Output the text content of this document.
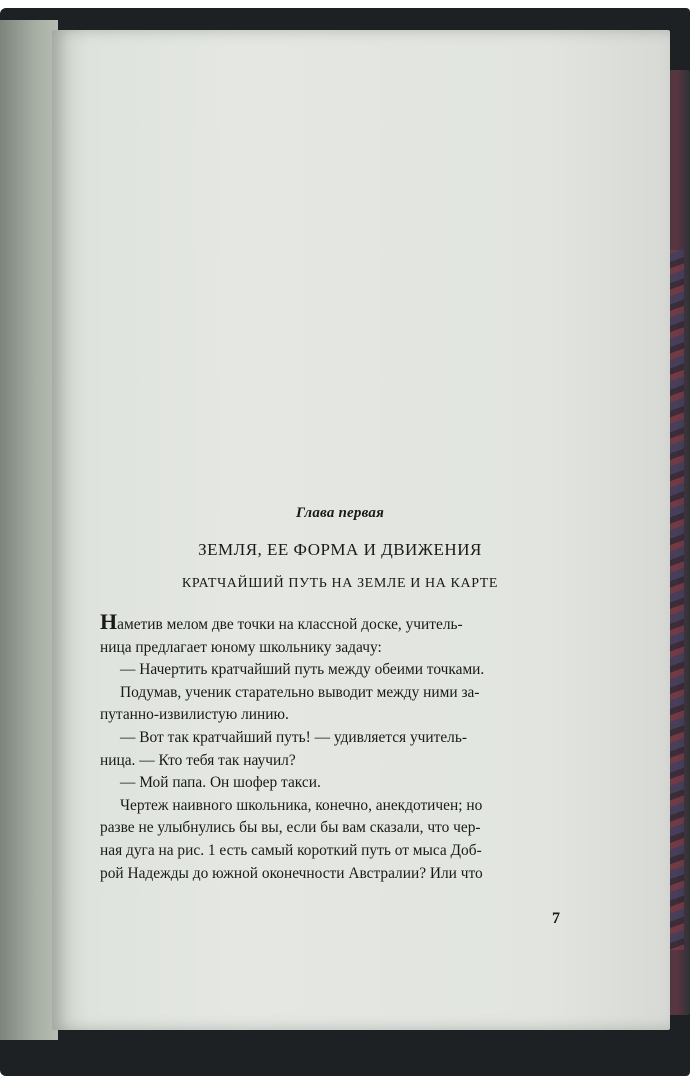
Глава первая
ЗЕМЛЯ, ЕЕ ФОРМА И ДВИЖЕНИЯ
КРАТЧАЙШИЙ ПУТЬ НА ЗЕМЛЕ И НА КАРТЕ

Наметив мелом две точки на классной доске, учитель-
ница предлагает юному школьнику задачу:

— Начертить кратчайший путь между обеими точками.

Подумав, ученик старательно выводит между ними за-
путанно-извилистую линию.

— Вот так кратчайший путь! — удивляется учитель-
ница. — Кто тебя так научил?

— Мой папа. Он шофер такси.

Чертеж наивного школьника, конечно, анекдотичен; но
разве не улыбнулись бы вы, если бы вам сказали, что чер-
ная дуга на рис. 1 есть самый короткий путь от мыса Доб-
рой Надежды до южной оконечности Австралии? Или что

7
